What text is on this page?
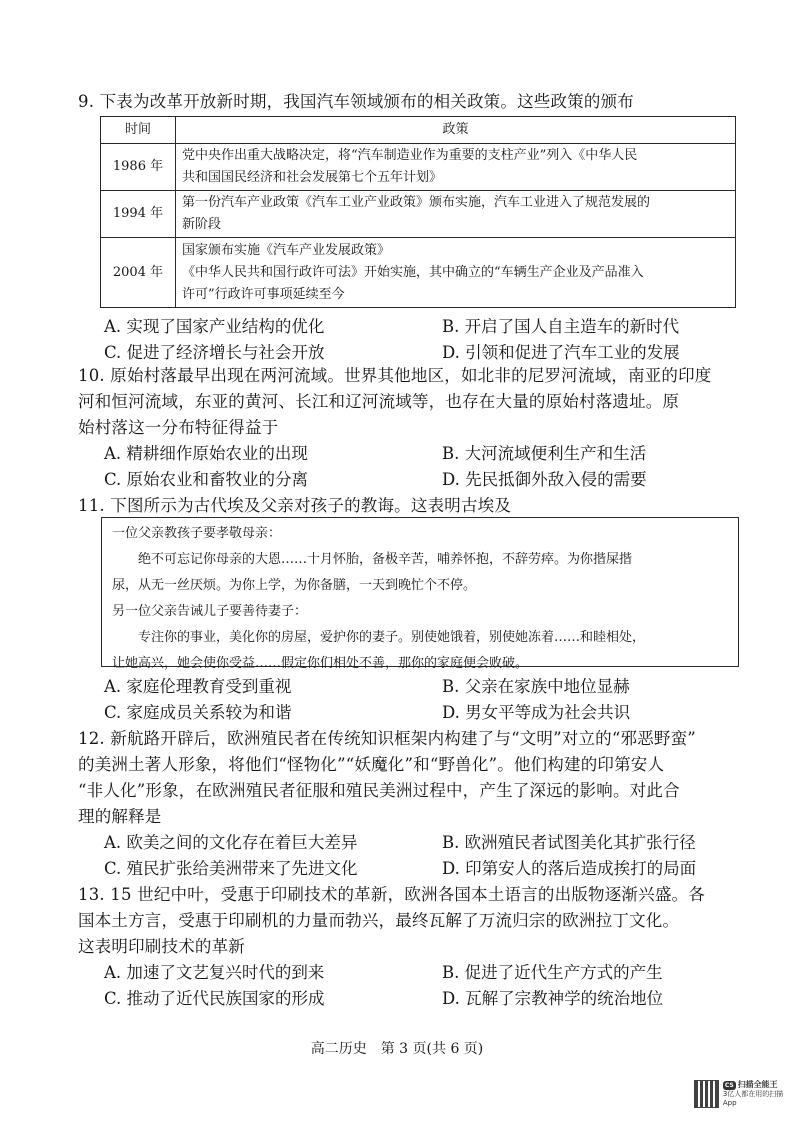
9. 下表为改革开放新时期，我国汽车领域颁布的相关政策。这些政策的颁布
时间	政策
1986 年	党中央作出重大战略决定，将“汽车制造业作为重要的支柱产业”列入《中华人民
共和国国民经济和社会发展第七个五年计划》

1994 年	第一份汽车产业政策《汽车工业产业政策》颁布实施，汽车工业进入了规范发展的
新阶段

2004 年	国家颁布实施《汽车产业发展政策》
《中华人民共和国行政许可法》开始实施，其中确立的“车辆生产企业及产品准入
许可”行政许可事项延续至今
A. 实现了国家产业结构的优化	B. 开启了国人自主造车的新时代
C. 促进了经济增长与社会开放	D. 引领和促进了汽车工业的发展
10. 原始村落最早出现在两河流域。世界其他地区，如北非的尼罗河流域，南亚的印度
河和恒河流域，东亚的黄河、长江和辽河流域等，也存在大量的原始村落遗址。原
始村落这一分布特征得益于
A. 精耕细作原始农业的出现	B. 大河流域便利生产和生活
C. 原始农业和畜牧业的分离	D. 先民抵御外敌入侵的需要
11. 下图所示为古代埃及父亲对孩子的教诲。这表明古埃及
一位父亲教孩子要孝敬母亲：
绝不可忘记你母亲的大恩……十月怀胎，备极辛苦，哺养怀抱，不辞劳瘁。为你揩屎揩
尿，从无一丝厌烦。为你上学，为你备膳，一天到晚忙个不停。
另一位父亲告诫儿子要善待妻子：
专注你的事业，美化你的房屋，爱护你的妻子。别使她饿着，别使她冻着……和睦相处，
让她高兴，她会使你受益……假定你们相处不善，那你的家庭便会败破。
A. 家庭伦理教育受到重视	B. 父亲在家族中地位显赫
C. 家庭成员关系较为和谐	D. 男女平等成为社会共识
12. 新航路开辟后，欧洲殖民者在传统知识框架内构建了与“文明”对立的“邪恶野蛮”
的美洲土著人形象，将他们“怪物化”“妖魔化”和“野兽化”。他们构建的印第安人
“非人化”形象，在欧洲殖民者征服和殖民美洲过程中，产生了深远的影响。对此合
理的解释是
A. 欧美之间的文化存在着巨大差异	B. 欧洲殖民者试图美化其扩张行径
C. 殖民扩张给美洲带来了先进文化	D. 印第安人的落后造成挨打的局面
13. 15 世纪中叶，受惠于印刷技术的革新，欧洲各国本土语言的出版物逐渐兴盛。各
国本土方言，受惠于印刷机的力量而勃兴，最终瓦解了万流归宗的欧洲拉丁文化。
这表明印刷技术的革新
A. 加速了文艺复兴时代的到来	B. 促进了近代生产方式的产生
C. 推动了近代民族国家的形成	D. 瓦解了宗教神学的统治地位
高二历史　第 3 页(共 6 页)
CS 扫描全能王
3亿人都在用的扫描App
